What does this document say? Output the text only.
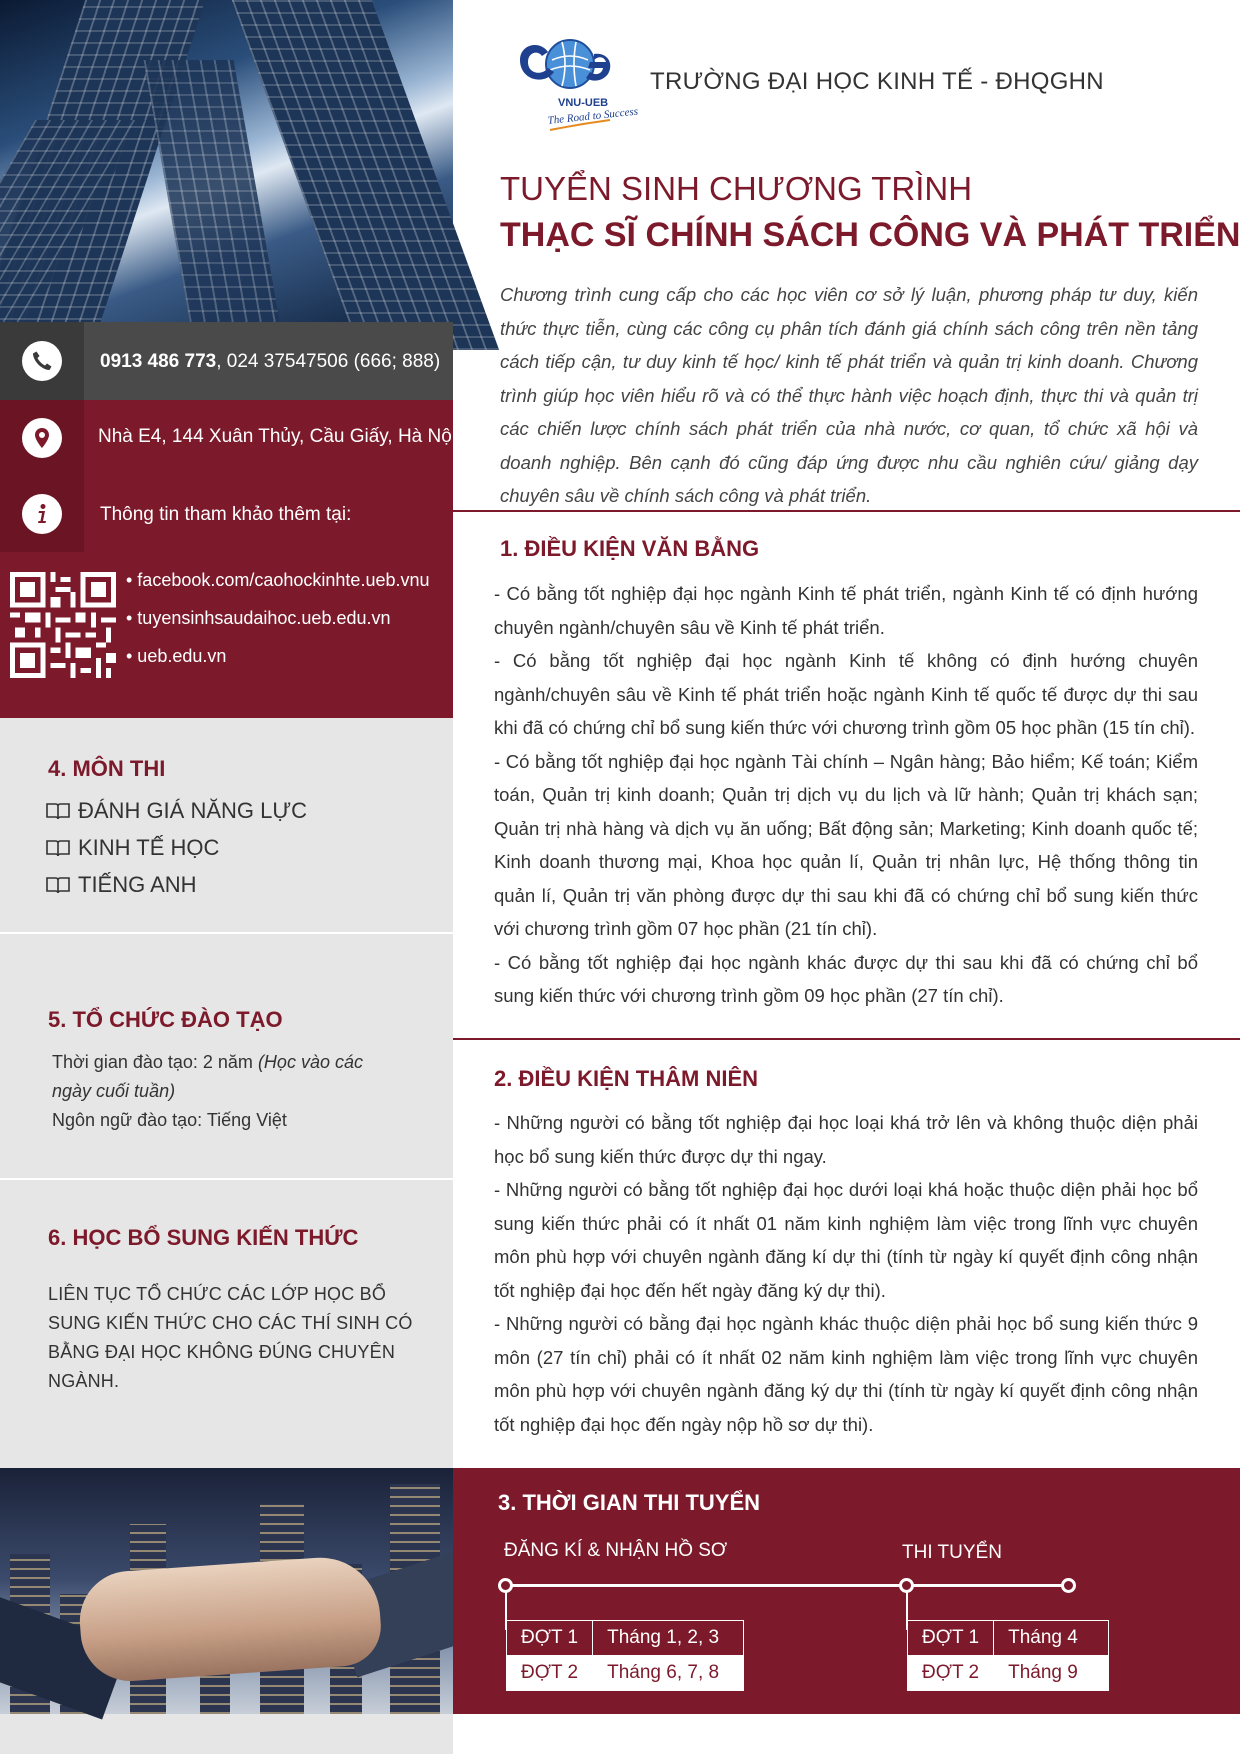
0913 486 773, 024 37547506 (666; 888)
Nhà E4, 144 Xuân Thủy, Cầu Giấy, Hà Nội.
Thông tin tham khảo thêm tại:
• facebook.com/caohockinhte.ueb.vnu
• tuyensinhsaudaihoc.ueb.edu.vn
• ueb.edu.vn
4. MÔN THI
ĐÁNH GIÁ NĂNG LỰC
KINH TẾ HỌC
TIẾNG ANH
5. TỔ CHỨC ĐÀO TẠO
Thời gian đào tạo: 2 năm (Học vào các ngày cuối tuần)
Ngôn ngữ đào tạo: Tiếng Việt
6. HỌC BỔ SUNG KIẾN THỨC
LIÊN TỤC TỔ CHỨC CÁC LỚP HỌC BỔ SUNG KIẾN THỨC CHO CÁC THÍ SINH CÓ BẰNG ĐẠI HỌC KHÔNG ĐÚNG CHUYÊN NGÀNH.
VNU-UEB
The Road to Success
TRƯỜNG ĐẠI HỌC KINH TẾ - ĐHQGHN
TUYỂN SINH CHƯƠNG TRÌNH
THẠC SĨ CHÍNH SÁCH CÔNG VÀ PHÁT TRIỂN
Chương trình cung cấp cho các học viên cơ sở lý luận, phương pháp tư duy, kiến thức thực tiễn, cùng các công cụ phân tích đánh giá chính sách công trên nền tảng cách tiếp cận, tư duy kinh tế học/ kinh tế phát triển và quản trị kinh doanh. Chương trình giúp học viên hiểu rõ và có thể thực hành việc hoạch định, thực thi và quản trị các chiến lược chính sách phát triển của nhà nước, cơ quan, tổ chức xã hội và doanh nghiệp. Bên cạnh đó cũng đáp ứng được nhu cầu nghiên cứu/ giảng dạy chuyên sâu về chính sách công và phát triển.
1. ĐIỀU KIỆN VĂN BẰNG

- Có bằng tốt nghiệp đại học ngành Kinh tế phát triển, ngành Kinh tế có định hướng chuyên ngành/chuyên sâu về Kinh tế phát triển.

- Có bằng tốt nghiệp đại học ngành Kinh tế không có định hướng chuyên ngành/chuyên sâu về Kinh tế phát triển hoặc ngành Kinh tế quốc tế được dự thi sau khi đã có chứng chỉ bổ sung kiến thức với chương trình gồm 05 học phần (15 tín chỉ).

- Có bằng tốt nghiệp đại học ngành Tài chính – Ngân hàng; Bảo hiểm; Kế toán; Kiểm toán, Quản trị kinh doanh; Quản trị dịch vụ du lịch và lữ hành; Quản trị khách sạn; Quản trị nhà hàng và dịch vụ ăn uống; Bất động sản; Marketing; Kinh doanh quốc tế; Kinh doanh thương mại, Khoa học quản lí, Quản trị nhân lực, Hệ thống thông tin quản lí, Quản trị văn phòng được dự thi sau khi đã có chứng chỉ bổ sung kiến thức với chương trình gồm 07 học phần (21 tín chỉ).

- Có bằng tốt nghiệp đại học ngành khác được dự thi sau khi đã có chứng chỉ bổ sung kiến thức với chương trình gồm 09 học phần (27 tín chỉ).

2. ĐIỀU KIỆN THÂM NIÊN

- Những người có bằng tốt nghiệp đại học loại khá trở lên và không thuộc diện phải học bổ sung kiến thức được dự thi ngay.

- Những người có bằng tốt nghiệp đại học dưới loại khá hoặc thuộc diện phải học bổ sung kiến thức phải có ít nhất 01 năm kinh nghiệm làm việc trong lĩnh vực chuyên môn phù hợp với chuyên ngành đăng kí dự thi (tính từ ngày kí quyết định công nhận tốt nghiệp đại học đến hết ngày đăng ký dự thi).

- Những người có bằng đại học ngành khác thuộc diện phải học bổ sung kiến thức 9 môn (27 tín chỉ) phải có ít nhất 02 năm kinh nghiệm làm việc trong lĩnh vực chuyên môn phù hợp với chuyên ngành đăng ký dự thi (tính từ ngày kí quyết định công nhận tốt nghiệp đại học đến ngày nộp hồ sơ dự thi).

3. THỜI GIAN THI TUYỂN
ĐĂNG KÍ & NHẬN HỒ SƠ	THI TUYỂN
ĐỢT 1	Tháng 1, 2, 3
ĐỢT 2	Tháng 6, 7, 8
ĐỢT 1	Tháng 4
ĐỢT 2	Tháng 9
